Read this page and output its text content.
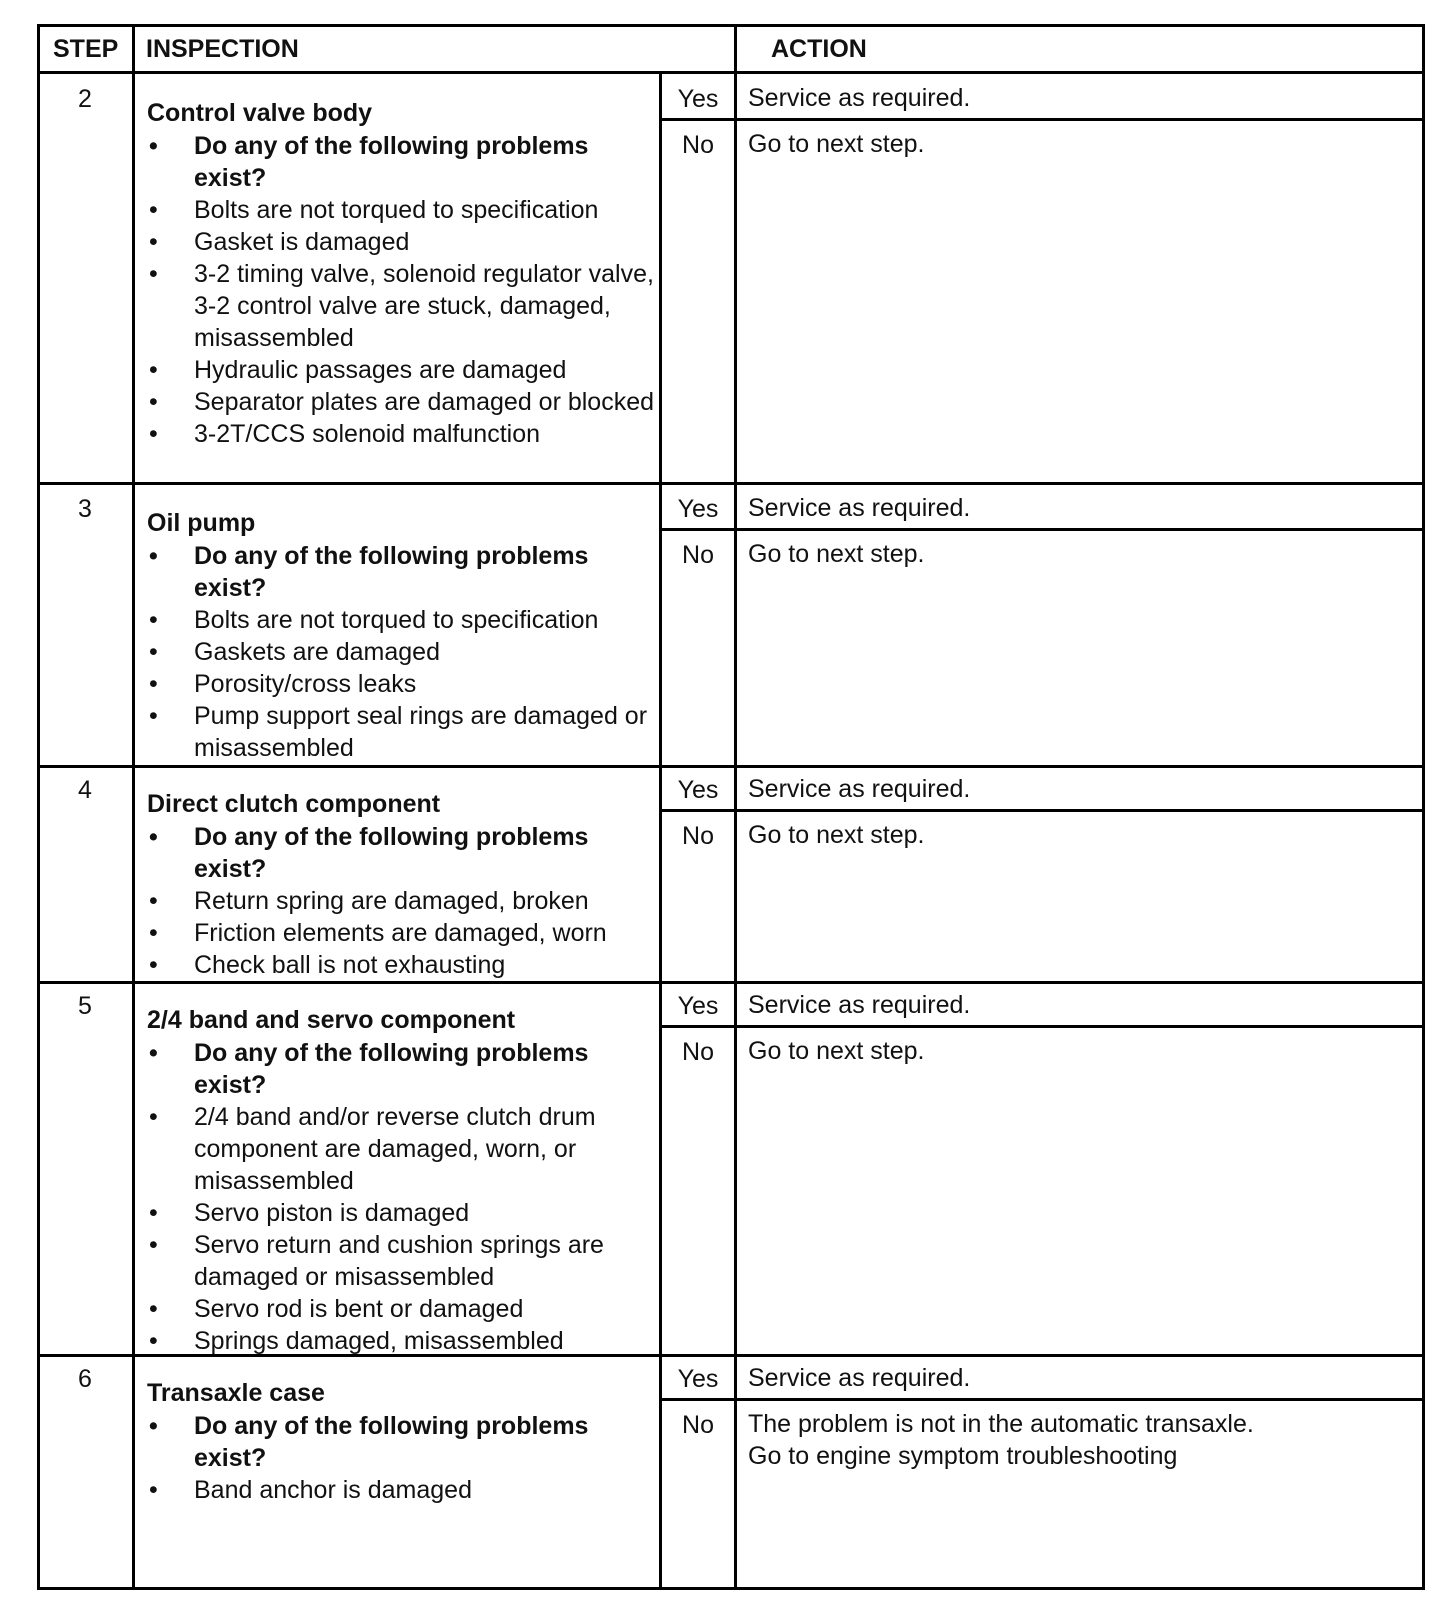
STEP INSPECTION	ACTION
2	Control valve body
• Do any of the following problems exist?
• Bolts are not torqued to specification
• Gasket is damaged
• 3-2 timing valve, solenoid regulator valve, 3-2 control valve are stuck, damaged, misassembled
• Hydraulic passages are damaged
• Separator plates are damaged or blocked
• 3-2T/CCS solenoid malfunction
Yes	Service as required.
No	Go to next step.
3	Oil pump
• Do any of the following problems exist?
• Bolts are not torqued to specification
• Gaskets are damaged
• Porosity/cross leaks
• Pump support seal rings are damaged or misassembled
Yes	Service as required.
No	Go to next step.
4	Direct clutch component
• Do any of the following problems exist?
• Return spring are damaged, broken
• Friction elements are damaged, worn
• Check ball is not exhausting
Yes	Service as required.
No	Go to next step.
5	2/4 band and servo component
• Do any of the following problems exist?
• 2/4 band and/or reverse clutch drum component are damaged, worn, or misassembled
• Servo piston is damaged
• Servo return and cushion springs are damaged or misassembled
• Servo rod is bent or damaged
• Springs damaged, misassembled
Yes	Service as required.
No	Go to next step.
6	Transaxle case
• Do any of the following problems exist?
• Band anchor is damaged
Yes	Service as required.
No	The problem is not in the automatic transaxle.
Go to engine symptom troubleshooting
